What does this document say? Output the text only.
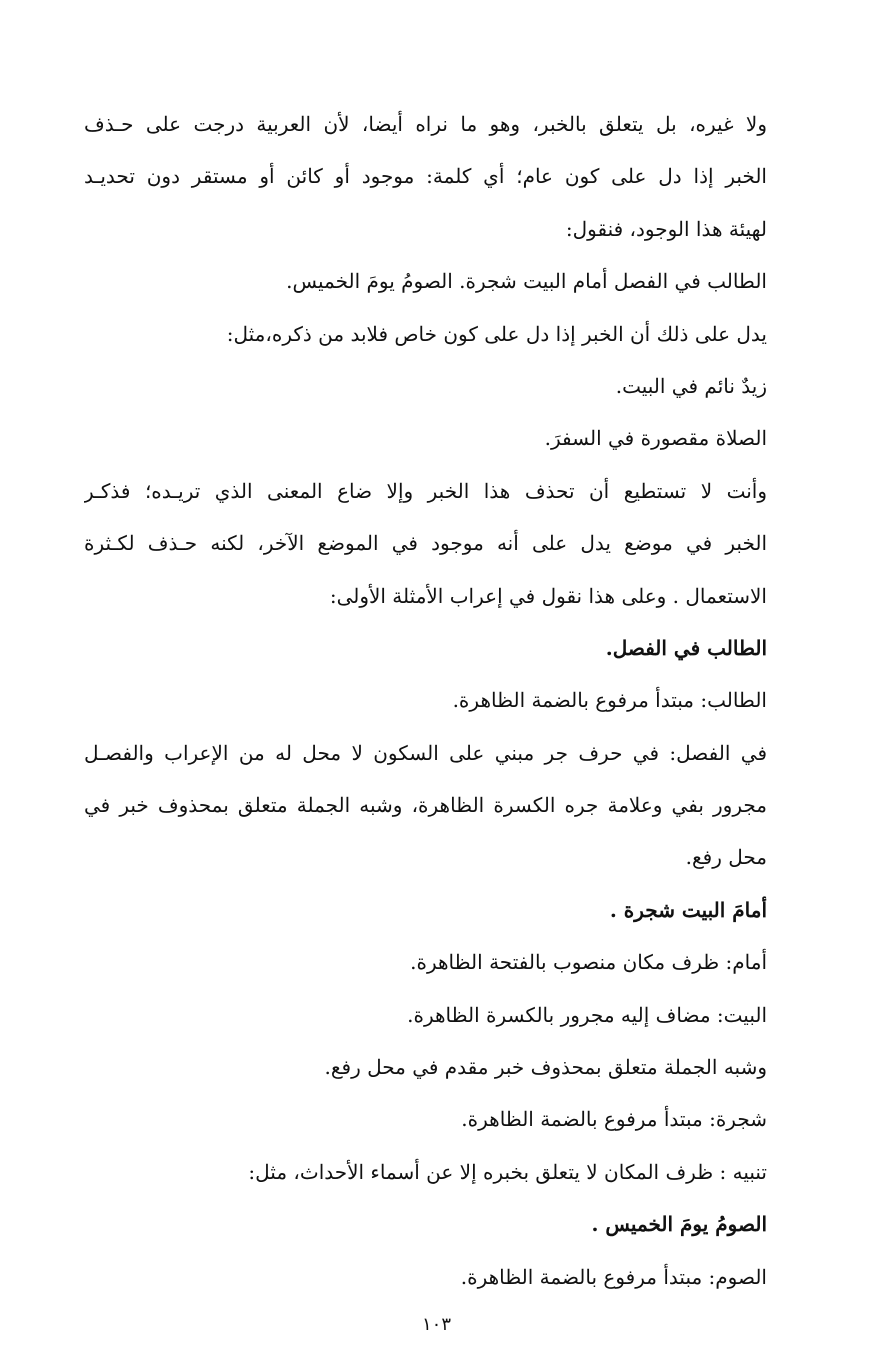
ولا غيره، بل يتعلق بالخبر، وهو ما نراه أيضا، لأن العربية درجت على حـذف
الخبر إذا دل على كون عام؛ أي كلمة: موجود أو كائن أو مستقر دون تحديـد
لهيئة هذا الوجود، فنقول:
الطالب في الفصل أمام البيت شجرة. الصومُ يومَ الخميس.
يدل على ذلك أن الخبر إذا دل على كون خاص فلابد من ذكره،مثل:
زيدٌ نائم في البيت.
الصلاة مقصورة في السفرَ.
وأنت لا تستطيع أن تحذف هذا الخبر وإلا ضاع المعنى الذي تريـده؛ فذكـر
الخبر في موضع يدل على أنه موجود في الموضع الآخر، لكنه حـذف لكـثرة
الاستعمال . وعلى هذا نقول في إعراب الأمثلة الأولى:
الطالب في الفصل.
الطالب: مبتدأ مرفوع بالضمة الظاهرة.
في الفصل: في حرف جر مبني على السكون لا محل له من الإعراب والفصـل
مجرور بفي وعلامة جره الكسرة الظاهرة، وشبه الجملة متعلق بمحذوف خبر في
محل رفع.
أمامَ البيت شجرة .
أمام: ظرف مكان منصوب بالفتحة الظاهرة.
البيت: مضاف إليه مجرور بالكسرة الظاهرة.
وشبه الجملة متعلق بمحذوف خبر مقدم في محل رفع.
شجرة: مبتدأ مرفوع بالضمة الظاهرة.
تنبيه : ظرف المكان لا يتعلق بخبره إلا عن أسماء الأحداث، مثل:
الصومُ يومَ الخميس .
الصوم: مبتدأ مرفوع بالضمة الظاهرة.
١٠٣
